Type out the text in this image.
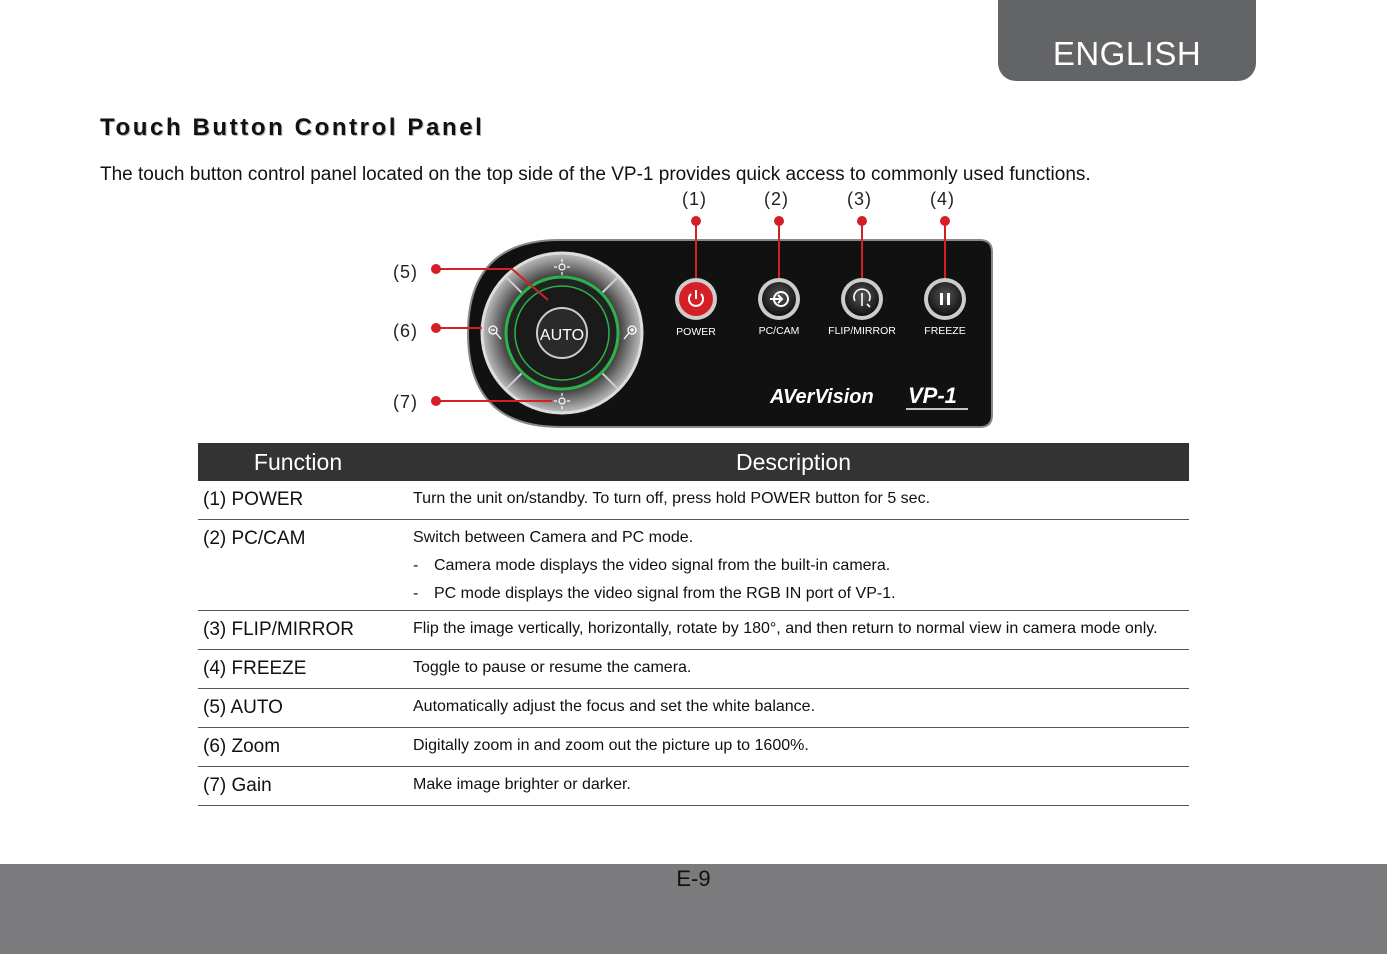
ENGLISH
Touch Button Control Panel
The touch button control panel located on the top side of the VP-1 provides quick access to commonly used functions.
AUTO	POWER	PC/CAM	FLIP/MIRROR	FREEZE
AVerVision VP-1
(1)	(2)	(3)	(4)
(5)
(6)
(7)
Function	Description
(1) POWER	Turn the unit on/standby. To turn off, press hold POWER button for 5 sec.
(2) PC/CAM	Switch between Camera and PC mode.
- Camera mode displays the video signal from the built-in camera.
- PC mode displays the video signal from the RGB IN port of VP-1.

(3) FLIP/MIRROR	Flip the image vertically, horizontally, rotate by 180°, and then return to normal view in camera mode only.
(4) FREEZE	Toggle to pause or resume the camera.
(5) AUTO	Automatically adjust the focus and set the white balance.
(6) Zoom	Digitally zoom in and zoom out the picture up to 1600%.
(7) Gain	Make image brighter or darker.
E-9
